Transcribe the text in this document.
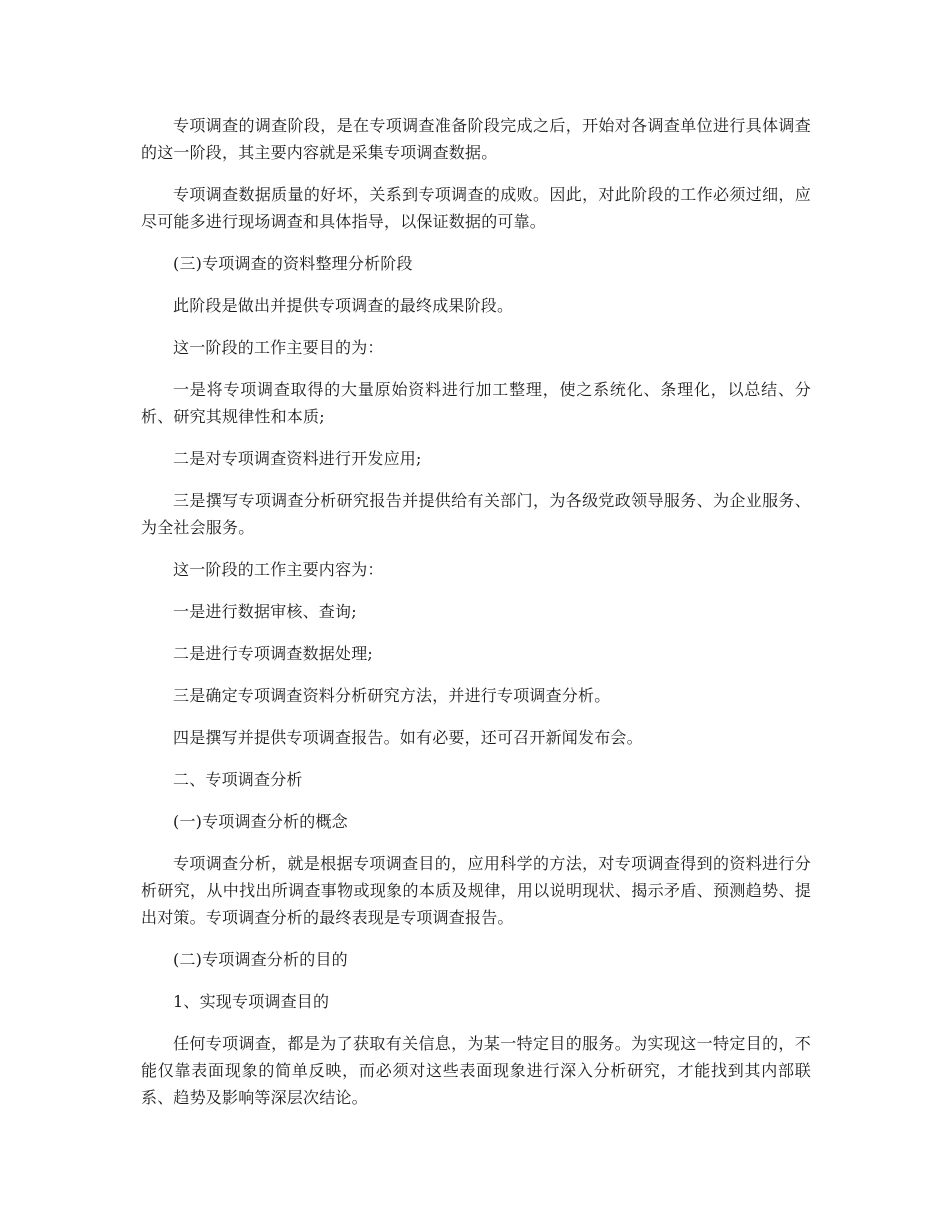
专项调查的调查阶段，是在专项调查准备阶段完成之后，开始对各调查单位进行具体调查的这一阶段，其主要内容就是采集专项调查数据。

专项调查数据质量的好坏，关系到专项调查的成败。因此，对此阶段的工作必须过细，应尽可能多进行现场调查和具体指导，以保证数据的可靠。

(三)专项调查的资料整理分析阶段

此阶段是做出并提供专项调查的最终成果阶段。

这一阶段的工作主要目的为：

一是将专项调查取得的大量原始资料进行加工整理，使之系统化、条理化，以总结、分析、研究其规律性和本质;

二是对专项调查资料进行开发应用;

三是撰写专项调查分析研究报告并提供给有关部门，为各级党政领导服务、为企业服务、为全社会服务。

这一阶段的工作主要内容为：

一是进行数据审核、查询;

二是进行专项调查数据处理;

三是确定专项调查资料分析研究方法，并进行专项调查分析。

四是撰写并提供专项调查报告。如有必要，还可召开新闻发布会。

二、专项调查分析

(一)专项调查分析的概念

专项调查分析，就是根据专项调查目的，应用科学的方法，对专项调查得到的资料进行分析研究，从中找出所调查事物或现象的本质及规律，用以说明现状、揭示矛盾、预测趋势、提出对策。专项调查分析的最终表现是专项调查报告。

(二)专项调查分析的目的

1、实现专项调查目的

任何专项调查，都是为了获取有关信息，为某一特定目的服务。为实现这一特定目的，不能仅靠表面现象的简单反映，而必须对这些表面现象进行深入分析研究，才能找到其内部联系、趋势及影响等深层次结论。
